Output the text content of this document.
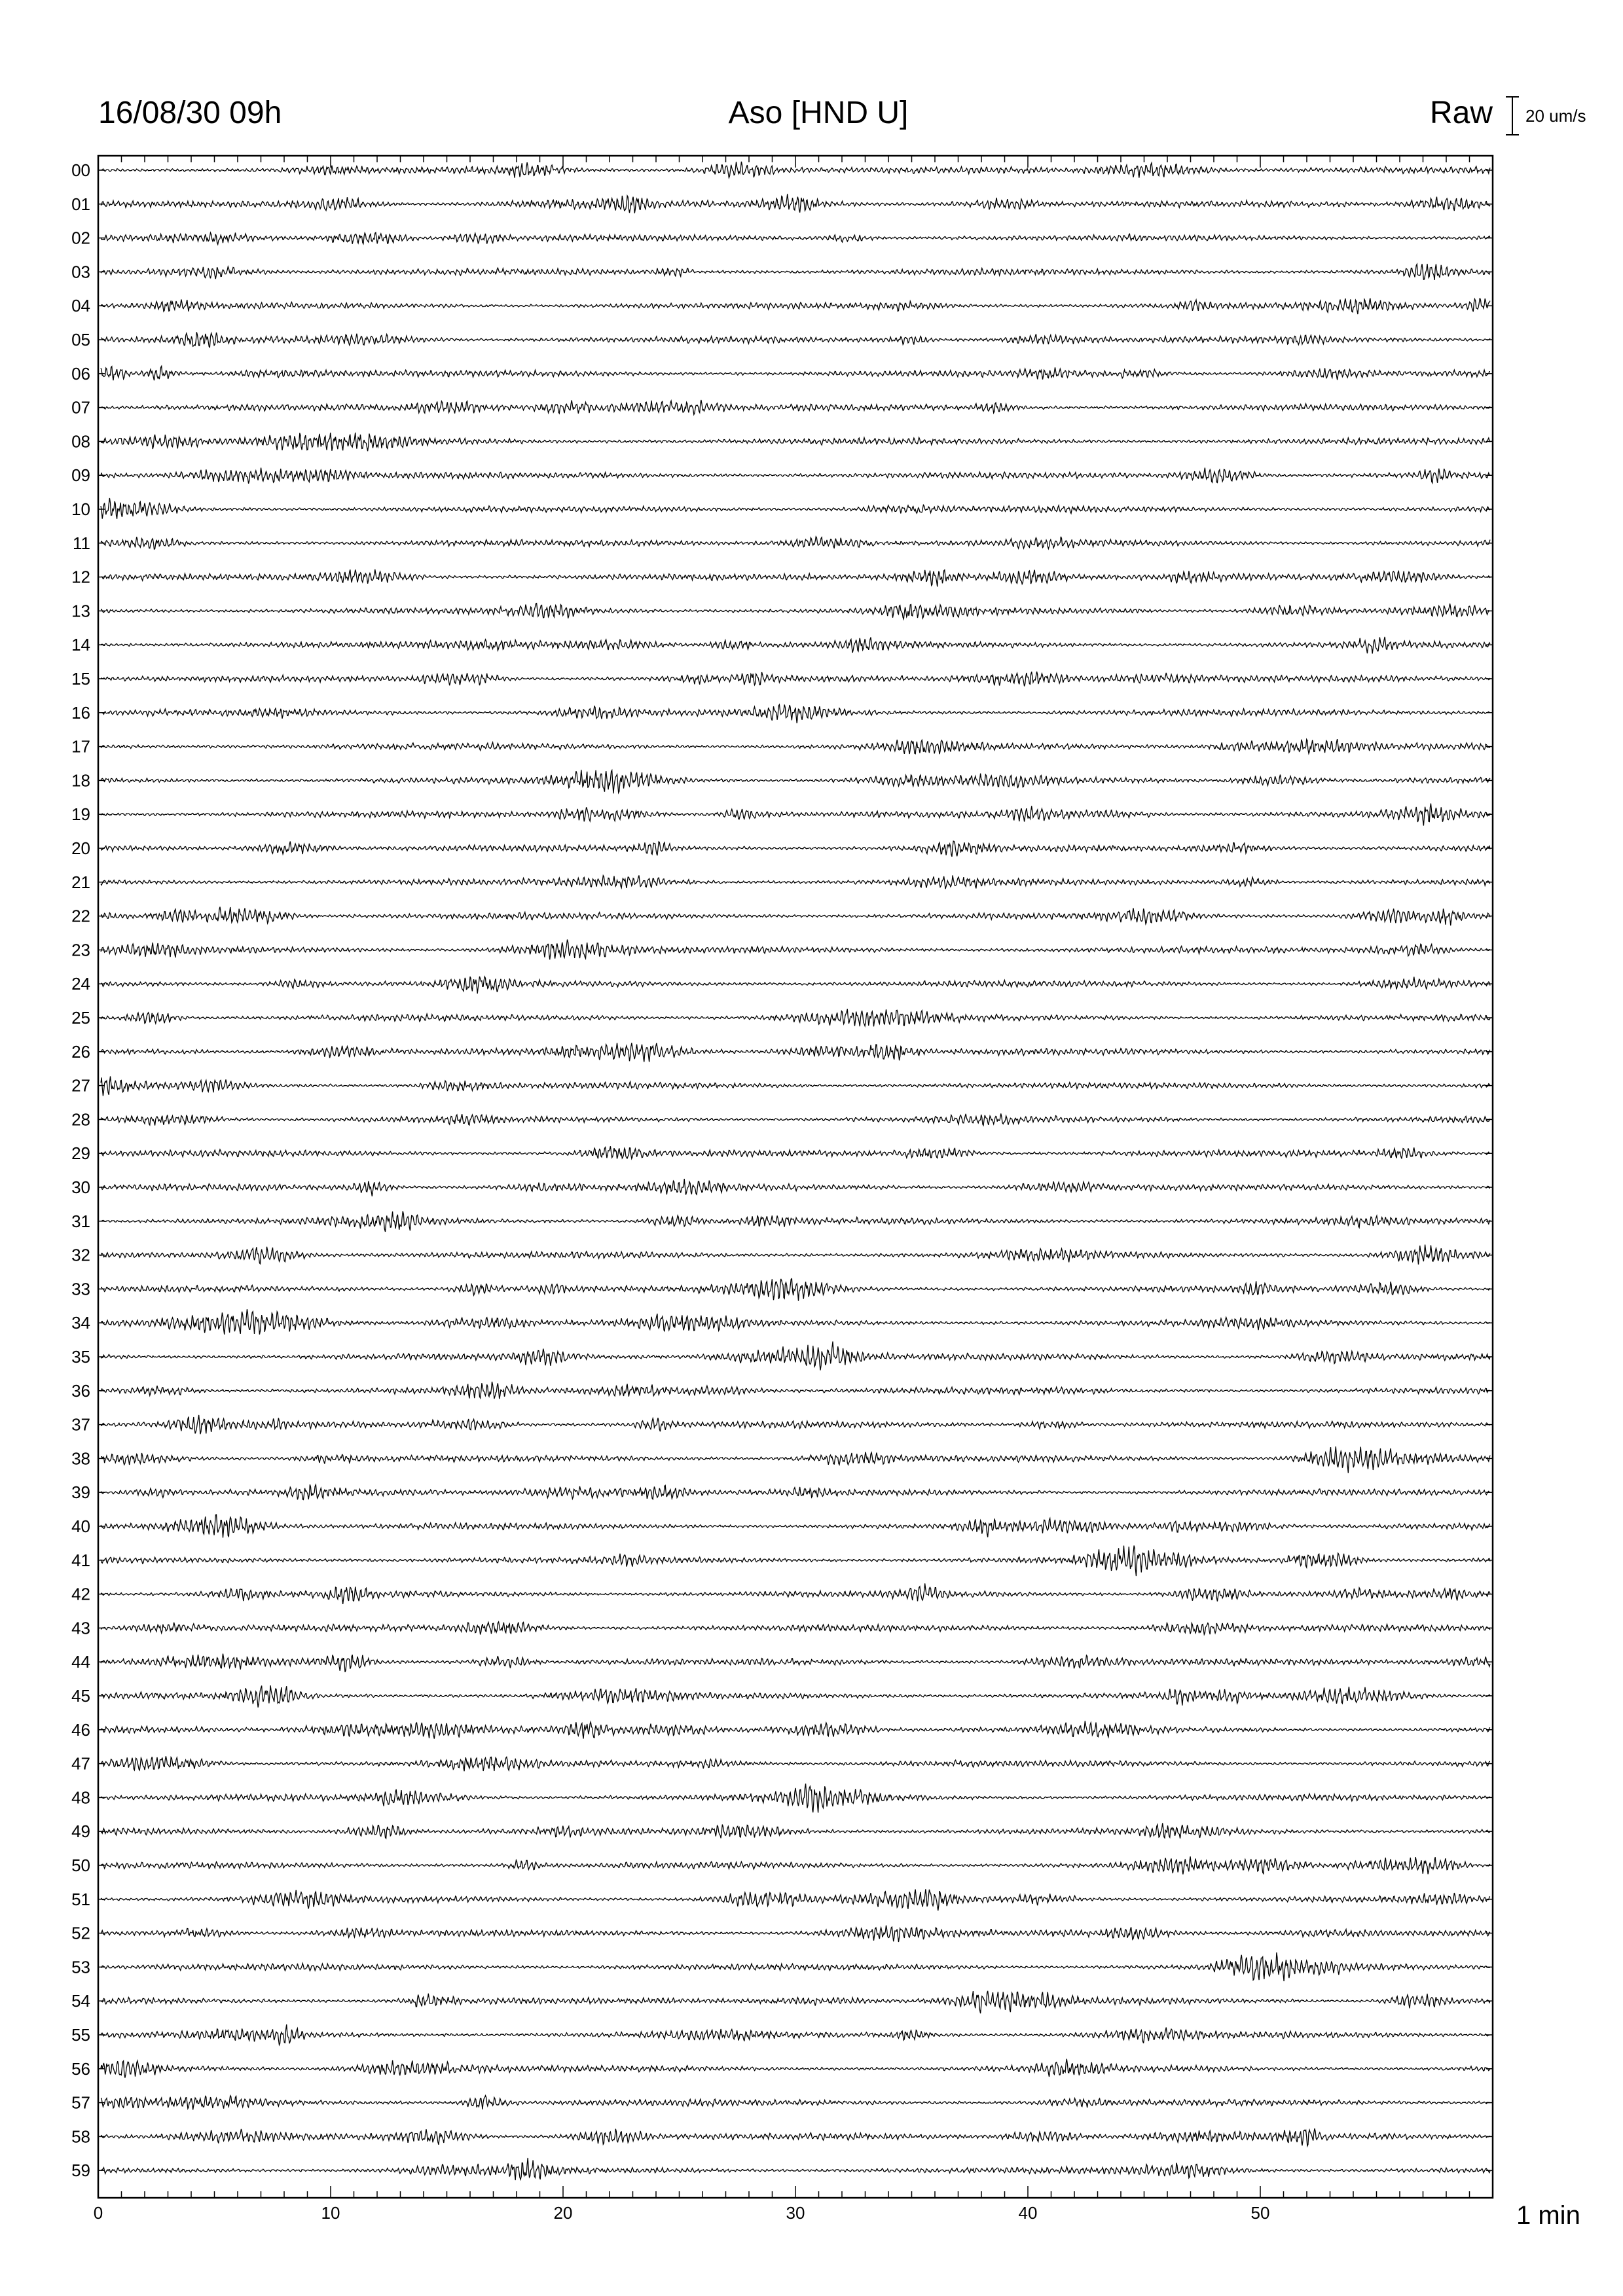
16/08/30 09h	Aso [HND U]	Raw 20 um/s
00
01
02
03
04
05
06
07
08
09
10
11
12
13
14
15
16
17
18
19
20
21
22
23
24
25
26
27
28
29
30
31
32
33
34
35
36
37
38
39
40
41
42
43
44
45
46
47
48
49
50
51
52
53
54
55
56
57
58
59
0	10	20	30	40	50	1 min
